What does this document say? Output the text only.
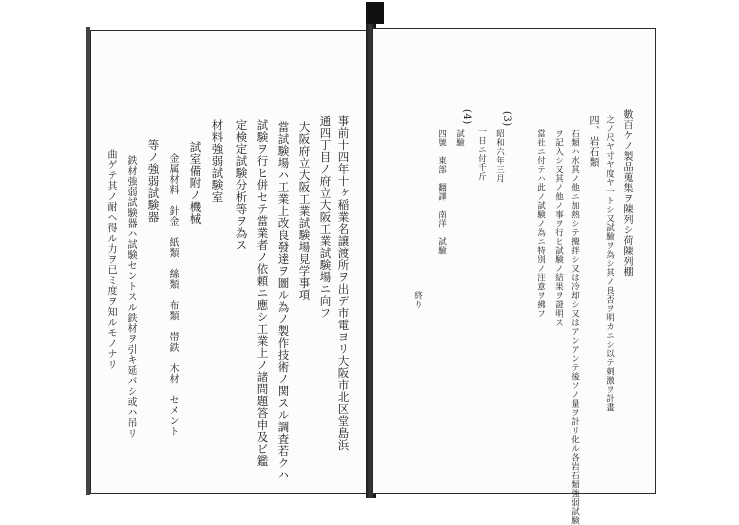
事前十四年十ヶ稲業名譲渡所ヲ出デ市電ヨリ大阪市北区堂島浜
通四丁目ノ府立大阪工業試験場ニ向フ
大阪府立大阪工業試験場見学事項
當試験場ハ工業上改良發達ヲ圖ル為ノ製作技術ノ関スル調査若クハ
試験ヲ行ヒ併セテ當業者ノ依頼ニ應シ工業上ノ諸問題答申及ビ鑑
定検定試験分析等ヲ為ス
材料強弱試験室
試室備附ノ機械
金属材料　針金　紙類　絲類　布類　帯鉄　木材　セメント
等ノ強弱試験器
鉄材強弱試験器ハ試験セントスル鉄材ヲ引キ延バシ或ハ吊リ
曲ゲテ其ノ耐ヘ得ル力ヲ已ミ度ヲ知ルモノナリ	數百ケノ製品蒐集ヲ陳列シ荷陳列棚
之ノ尺ヤ寸ヤ度ヤ一トシ又試驗ヲ為シ其ノ良否ヲ明カニシ以テ刺激ヲ計畫
四、岩石類
石類ハ水其ノ他ニ加熱シテ攪拌シ又は冷却シ又はアンアンテ後ソノ量ヲ計リ化ル各岩石類強弱試験
ヲ記入シ又其ノ他ノ事ヲ行ヒ試験ノ結果ヲ證明ス
當社ニ付テハ此ノ試験ノ為ニ特別ノ注意ヲ拂フ
(3)
昭和六年三月
一日ニ付千斤
(4)
試驗
四號　東部　翻譯　南洋　試驗
終り
